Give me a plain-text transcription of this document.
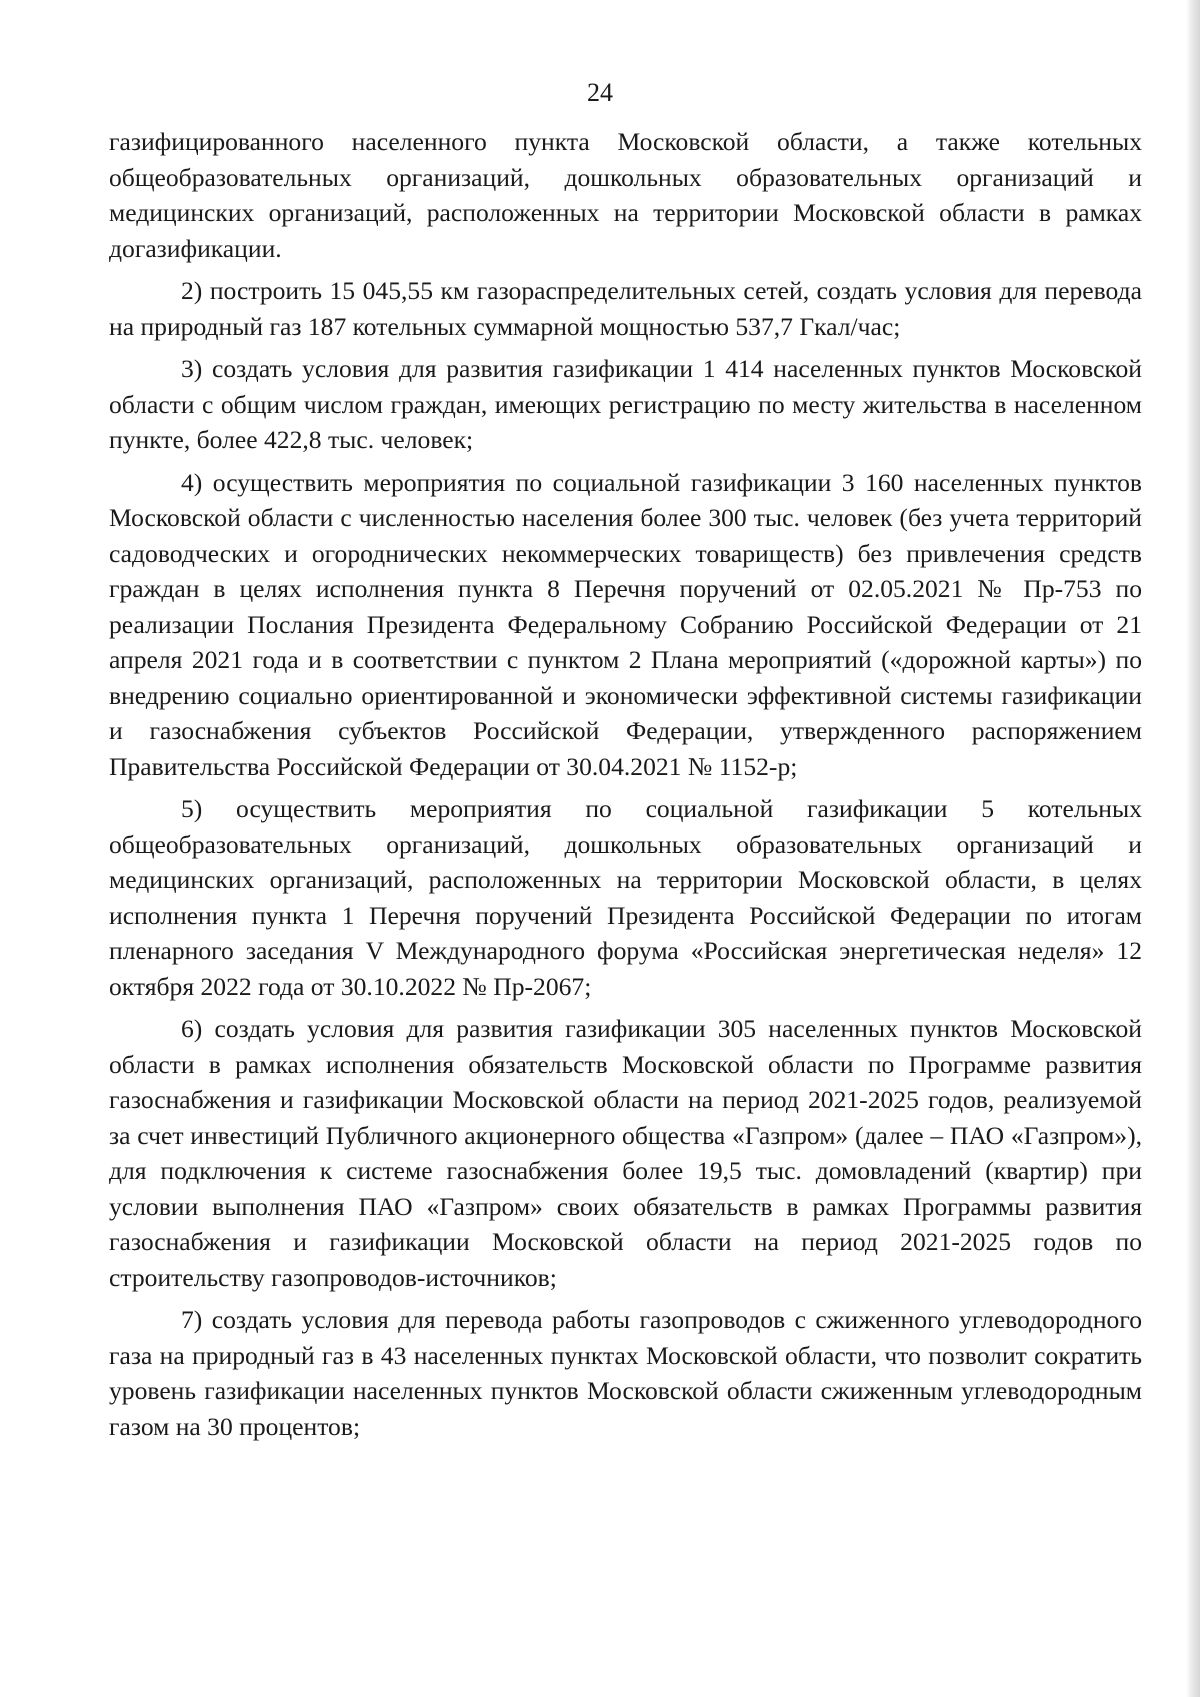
24

газифицированного населенного пункта Московской области, а также котельных общеобразовательных организаций, дошкольных образовательных организаций и медицинских организаций, расположенных на территории Московской области в рамках догазификации.

2) построить 15 045,55 км газораспределительных сетей, создать условия для перевода на природный газ 187 котельных суммарной мощностью 537,7 Гкал/час;

3) создать условия для развития газификации 1 414 населенных пунктов Московской области с общим числом граждан, имеющих регистрацию по месту жительства в населенном пункте, более 422,8 тыс. человек;

4) осуществить мероприятия по социальной газификации 3 160 населенных пунктов Московской области с численностью населения более 300 тыс. человек (без учета территорий садоводческих и огороднических некоммерческих товариществ) без привлечения средств граждан в целях исполнения пункта 8 Перечня поручений от 02.05.2021 № Пр-753 по реализации Послания Президента Федеральному Собранию Российской Федерации от 21 апреля 2021 года и в соответствии с пунктом 2 Плана мероприятий («дорожной карты») по внедрению социально ориентированной и экономически эффективной системы газификации и газоснабжения субъектов Российской Федерации, утвержденного распоряжением Правительства Российской Федерации от 30.04.2021 № 1152-р;

5) осуществить мероприятия по социальной газификации 5 котельных общеобразовательных организаций, дошкольных образовательных организаций и медицинских организаций, расположенных на территории Московской области, в целях исполнения пункта 1 Перечня поручений Президента Российской Федерации по итогам пленарного заседания V Международного форума «Российская энергетическая неделя» 12 октября 2022 года от 30.10.2022 № Пр-2067;

6) создать условия для развития газификации 305 населенных пунктов Московской области в рамках исполнения обязательств Московской области по Программе развития газоснабжения и газификации Московской области на период 2021-2025 годов, реализуемой за счет инвестиций Публичного акционерного общества «Газпром» (далее – ПАО «Газпром»), для подключения к системе газоснабжения более 19,5 тыс. домовладений (квартир) при условии выполнения ПАО «Газпром» своих обязательств в рамках Программы развития газоснабжения и газификации Московской области на период 2021-2025 годов по строительству газопроводов-источников;

7) создать условия для перевода работы газопроводов с сжиженного углеводородного газа на природный газ в 43 населенных пунктах Московской области, что позволит сократить уровень газификации населенных пунктов Московской области сжиженным углеводородным газом на 30 процентов;
